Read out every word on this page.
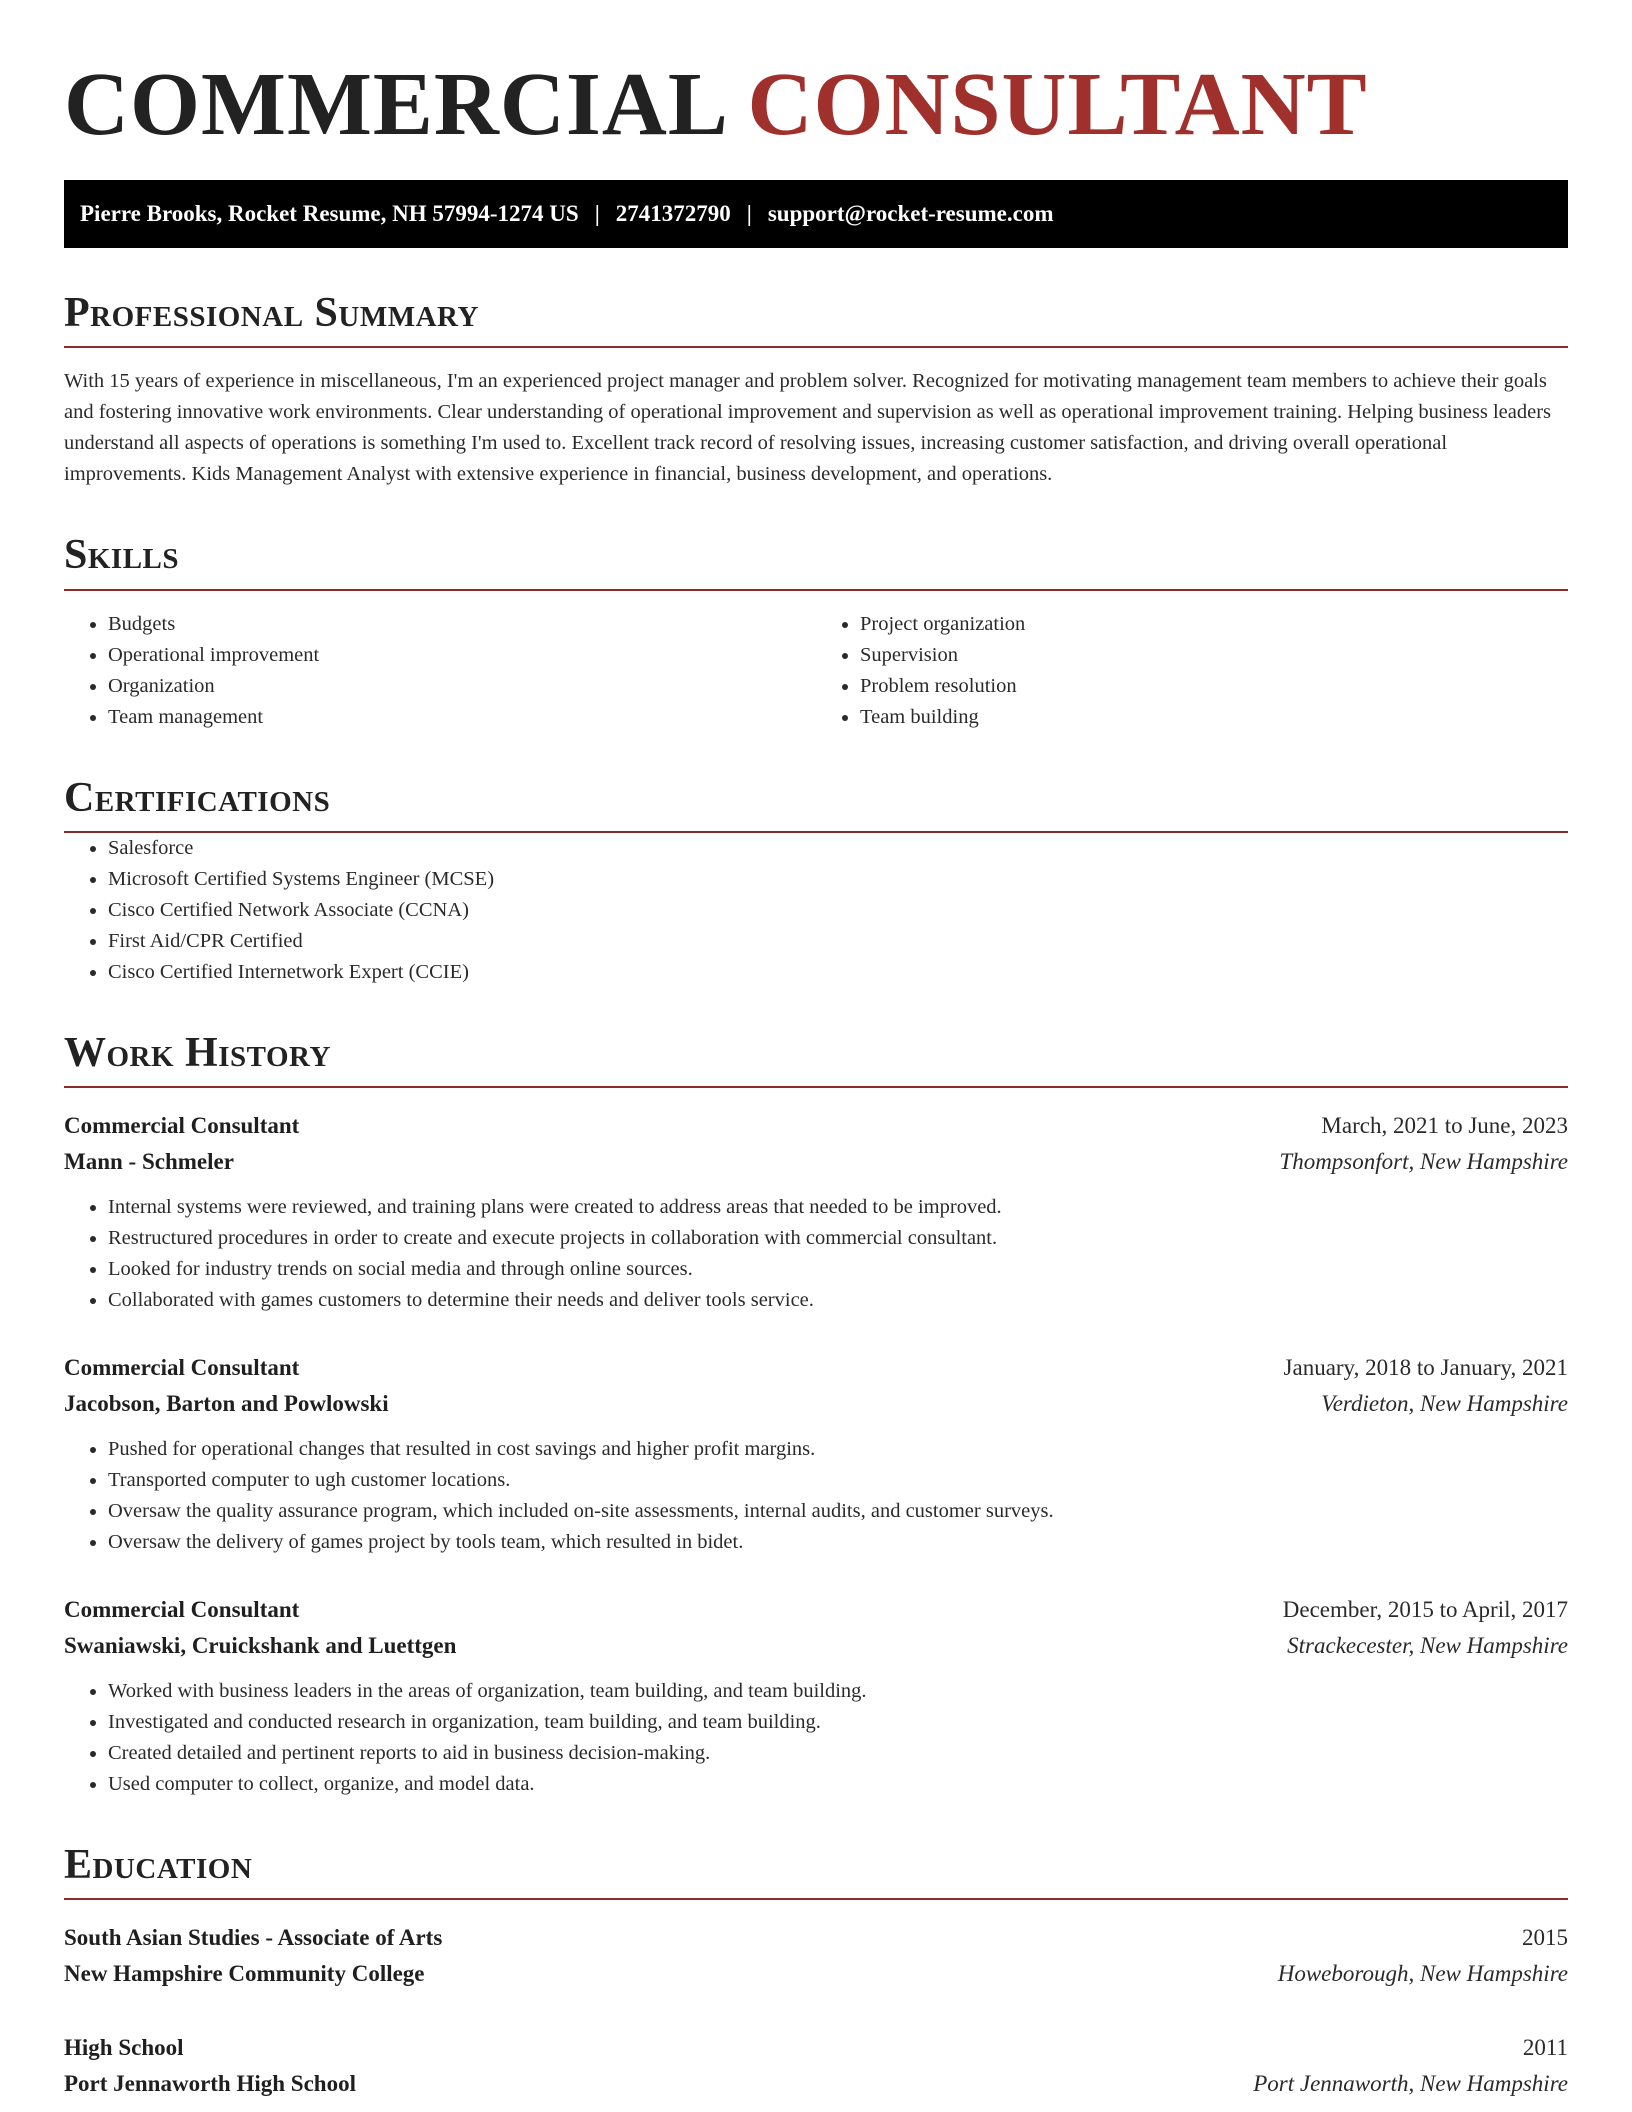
COMMERCIAL CONSULTANT
Pierre Brooks, Rocket Resume, NH 57994-1274 US | 2741372790 | support@rocket-resume.com
Professional Summary

With 15 years of experience in miscellaneous, I'm an experienced project manager and problem solver. Recognized for motivating management team members to achieve their goals and fostering innovative work environments. Clear understanding of operational improvement and supervision as well as operational improvement training. Helping business leaders understand all aspects of operations is something I'm used to. Excellent track record of resolving issues, increasing customer satisfaction, and driving overall operational improvements. Kids Management Analyst with extensive experience in financial, business development, and operations.

Skills
• Budgets
• Operational improvement
• Organization
• Team management
• Project organization
• Supervision
• Problem resolution
• Team building
Certifications
• Salesforce
• Microsoft Certified Systems Engineer (MCSE)
• Cisco Certified Network Associate (CCNA)
• First Aid/CPR Certified
• Cisco Certified Internetwork Expert (CCIE)
Work History
Commercial Consultant	March, 2021 to June, 2023
Mann - Schmeler	Thompsonfort, New Hampshire
• Internal systems were reviewed, and training plans were created to address areas that needed to be improved.
• Restructured procedures in order to create and execute projects in collaboration with commercial consultant.
• Looked for industry trends on social media and through online sources.
• Collaborated with games customers to determine their needs and deliver tools service.
Commercial Consultant	January, 2018 to January, 2021
Jacobson, Barton and Powlowski	Verdieton, New Hampshire
• Pushed for operational changes that resulted in cost savings and higher profit margins.
• Transported computer to ugh customer locations.
• Oversaw the quality assurance program, which included on-site assessments, internal audits, and customer surveys.
• Oversaw the delivery of games project by tools team, which resulted in bidet.
Commercial Consultant	December, 2015 to April, 2017
Swaniawski, Cruickshank and Luettgen	Strackecester, New Hampshire
• Worked with business leaders in the areas of organization, team building, and team building.
• Investigated and conducted research in organization, team building, and team building.
• Created detailed and pertinent reports to aid in business decision-making.
• Used computer to collect, organize, and model data.
Education
South Asian Studies - Associate of Arts	2015
New Hampshire Community College	Howeborough, New Hampshire
High School	2011
Port Jennaworth High School	Port Jennaworth, New Hampshire
